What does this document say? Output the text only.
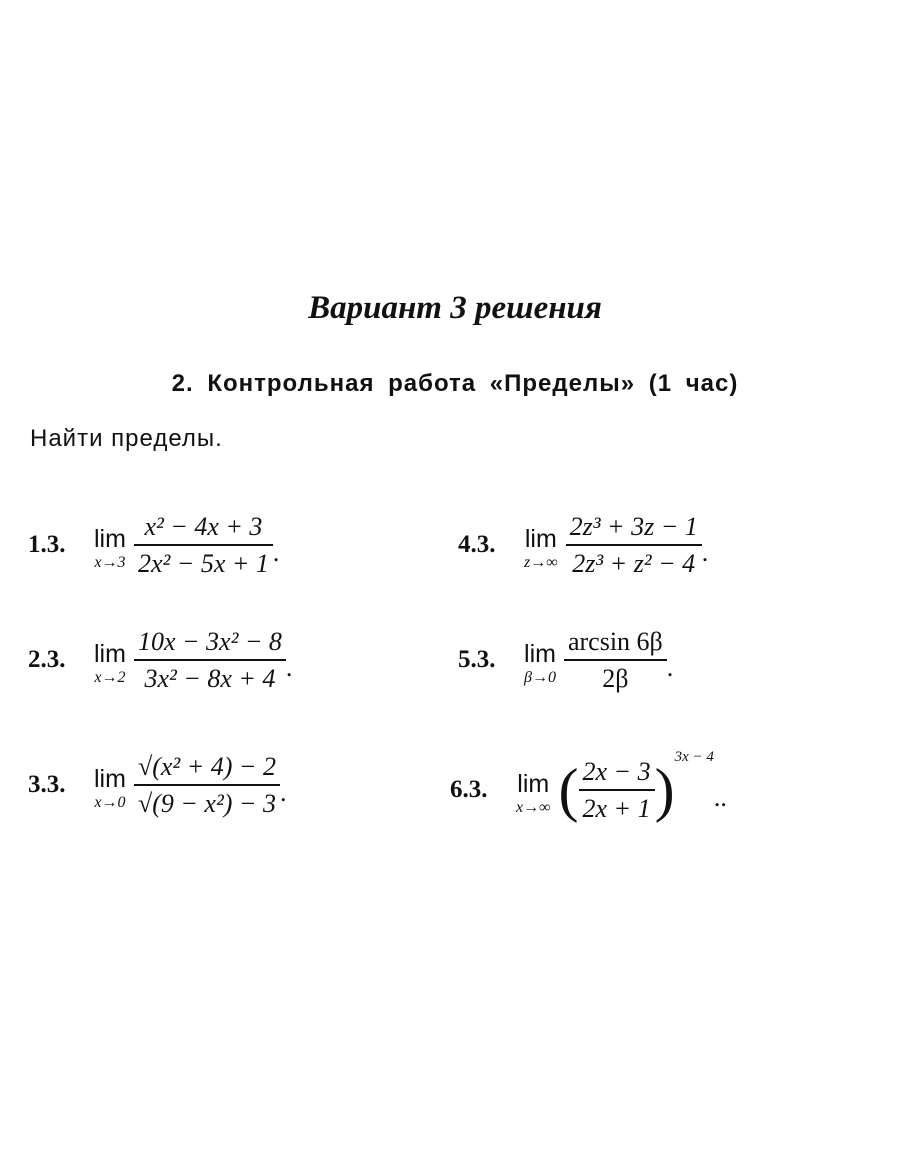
Вариант 3 решения
2. Контрольная работа «Пределы» (1 час)
Найти пределы.
1.3.	lim
$x\to 3 \frac{\text{x² − 4x + 3}}{\text{2x² − 5x + 1}}$ .
2.3.	lim
$x\to 2 \frac{\text{10x − 3x² − 8}}{\text{3x² − 8x + 4}}$ .
3.3.	lim
$x\to 0 \frac{\text{√(x² + 4) − 2}}{\text{√(9 − x²) − 3}}$ .
4.3.	lim
$z\to\infty \frac{\text{2z³ + 3z − 1}}{\text{2z³ + z² − 4}}$ .
5.3.	lim
$\beta\to 0 \frac{\arcsin 6\beta}{2\beta}$ .
6.3.	lim
x→∞ ( $\frac{2x - 3}{2x + 1}$ ) 3x − 4
..
